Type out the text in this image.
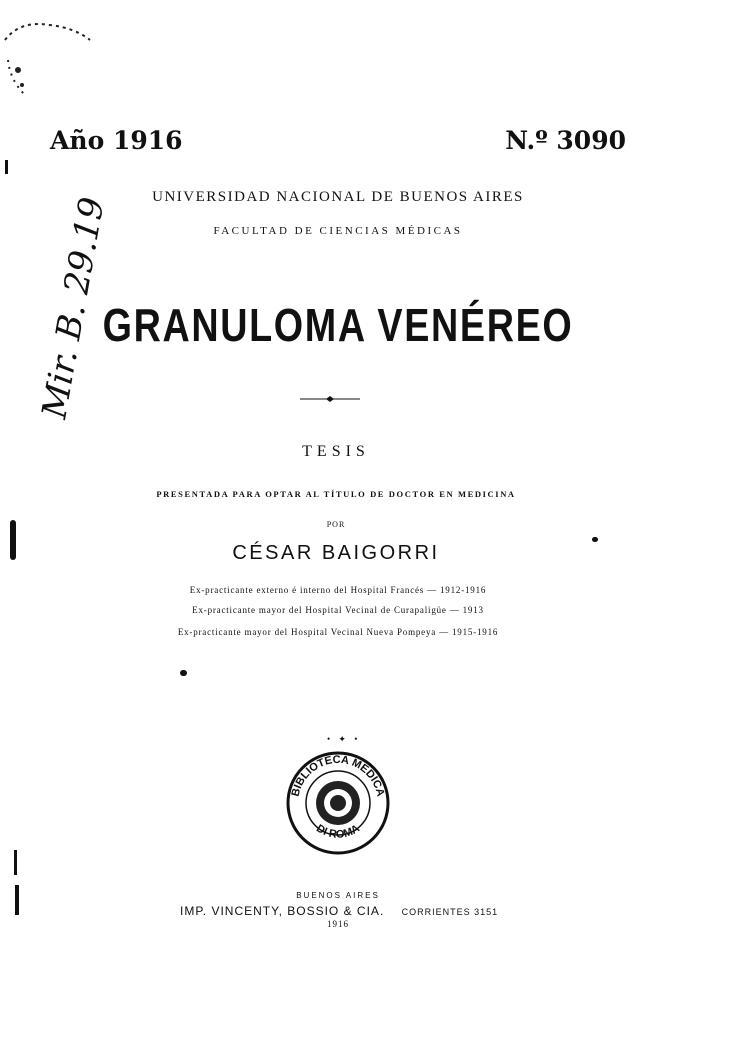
Mir. B. 29.19
Año 1916	N.º 3090
UNIVERSIDAD NACIONAL DE BUENOS AIRES
FACULTAD DE CIENCIAS MÉDICAS
GRANULOMA VENÉREO
TESIS
PRESENTADA PARA OPTAR AL TÍTULO DE DOCTOR EN MEDICINA
POR
CÉSAR BAIGORRI
Ex-practicante externo é interno del Hospital Francés — 1912-1916
Ex-practicante mayor del Hospital Vecinal de Curapaligüe — 1913
Ex-practicante mayor del Hospital Vecinal Nueva Pompeya — 1915-1916
• ✦ •
BIBLIOTECA MEDICA
DI ROMA
BUENOS AIRES
IMP. VINCENTY, BOSSIO & CIA. CORRIENTES 3151
1916
